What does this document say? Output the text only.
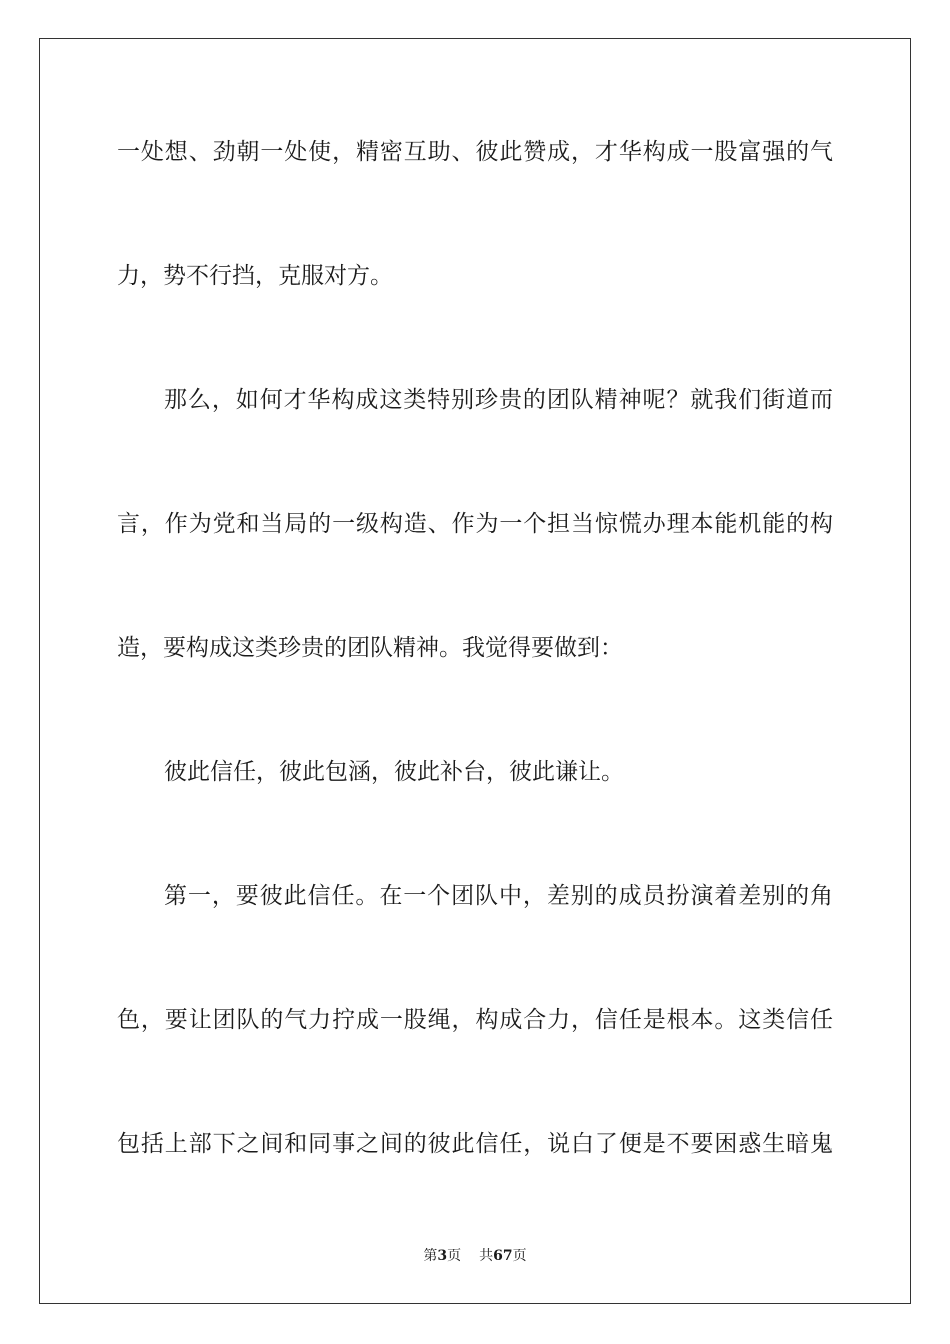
一处想、劲朝一处使，精密互助、彼此赞成，才华构成一股富强的气
力，势不行挡，克服对方。
那么，如何才华构成这类特别珍贵的团队精神呢？就我们街道而
言，作为党和当局的一级构造、作为一个担当惊慌办理本能机能的构
造，要构成这类珍贵的团队精神。我觉得要做到：
彼此信任，彼此包涵，彼此补台，彼此谦让。
第一，要彼此信任。在一个团队中，差别的成员扮演着差别的角
色，要让团队的气力拧成一股绳，构成合力，信任是根本。这类信任
包括上部下之间和同事之间的彼此信任，说白了便是不要困惑生暗鬼
第3页 共67页
